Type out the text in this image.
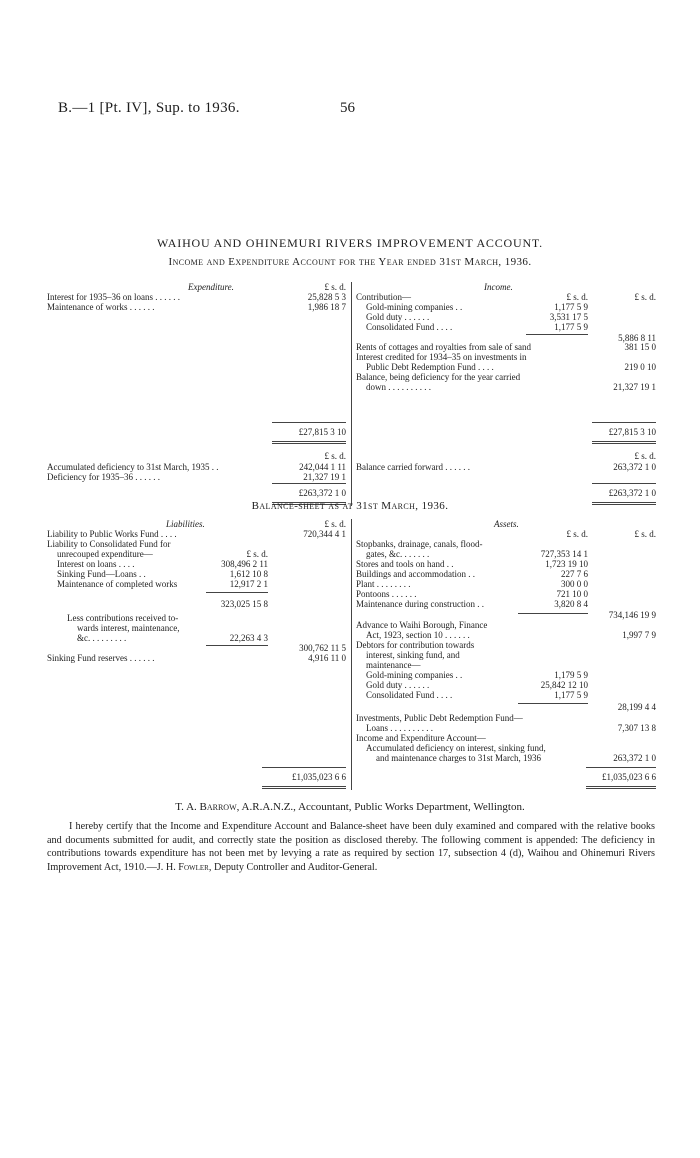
B.—1 [Pt. IV], Sup. to 1936.	56
WAIHOU AND OHINEMURI RIVERS IMPROVEMENT ACCOUNT.
Income and Expenditure Account for the Year ended 31st March, 1936.
Expenditure.	£ s. d.
Interest for 1935–36 on loans . . . . . .	25,828 5 3
Maintenance of works . . . . . .	1,986 18 7
£27,815 3 10
£ s. d.
Accumulated deficiency to 31st March, 1935 . .	242,044 1 11
Deficiency for 1935–36 . . . . . .	21,327 19 1
£263,372 1 0
Income.
£ s. d.	£ s. d.
Contribution—
Gold-mining companies . .	1,177 5 9
Gold duty . . . . . .	3,531 17 5
Consolidated Fund . . . .	1,177 5 9
5,886 8 11
Rents of cottages and royalties from sale of sand	381 15 0
Interest credited for 1934–35 on investments in
Public Debt Redemption Fund . . . .	219 0 10
Balance, being deficiency for the year carried
down . . . . . . . . . .	21,327 19 1
£27,815 3 10
£ s. d.
Balance carried forward . . . . . .	263,372 1 0
£263,372 1 0
Balance-sheet as at 31st March, 1936.
Liabilities.	£ s. d.
Liability to Public Works Fund . . . .	720,344 4 1
Liability to Consolidated Fund for
unrecouped expenditure—	£ s. d.
Interest on loans . . . .	308,496 2 11
Sinking Fund—Loans . .	1,612 10 8
Maintenance of completed works	12,917 2 1
323,025 15 8
Less contributions received to-
wards interest, maintenance,
&c. . . . . . . . .	22,263 4 3
300,762 11 5
Sinking Fund reserves . . . . . .	4,916 11 0
£1,035,023 6 6
Assets.
£ s. d.	£ s. d.
Stopbanks, drainage, canals, flood-
gates, &c. . . . . . .	727,353 14 1
Stores and tools on hand . .	1,723 19 10
Buildings and accommodation . .	227 7 6
Plant . . . . . . . .	300 0 0
Pontoons . . . . . .	721 10 0
Maintenance during construction . .	3,820 8 4
734,146 19 9
Advance to Waihi Borough, Finance
Act, 1923, section 10 . . . . . .	1,997 7 9
Debtors for contribution towards
interest, sinking fund, and
maintenance—
Gold-mining companies . .	1,179 5 9
Gold duty . . . . . .	25,842 12 10
Consolidated Fund . . . .	1,177 5 9
28,199 4 4
Investments, Public Debt Redemption Fund—
Loans . . . . . . . . . .	7,307 13 8
Income and Expenditure Account—
Accumulated deficiency on interest, sinking fund,
and maintenance charges to 31st March, 1936	263,372 1 0
£1,035,023 6 6
T. A. Barrow, A.R.A.N.Z., Accountant, Public Works Department, Wellington.

I hereby certify that the Income and Expenditure Account and Balance-sheet have been duly examined and compared with the relative books and documents submitted for audit, and correctly state the position as disclosed thereby. The following comment is appended: The deficiency in contributions towards expenditure has not been met by levying a rate as required by section 17, subsection 4 (d), Waihou and Ohinemuri Rivers Improvement Act, 1910.—J. H. Fowler, Deputy Controller and Auditor-General.
